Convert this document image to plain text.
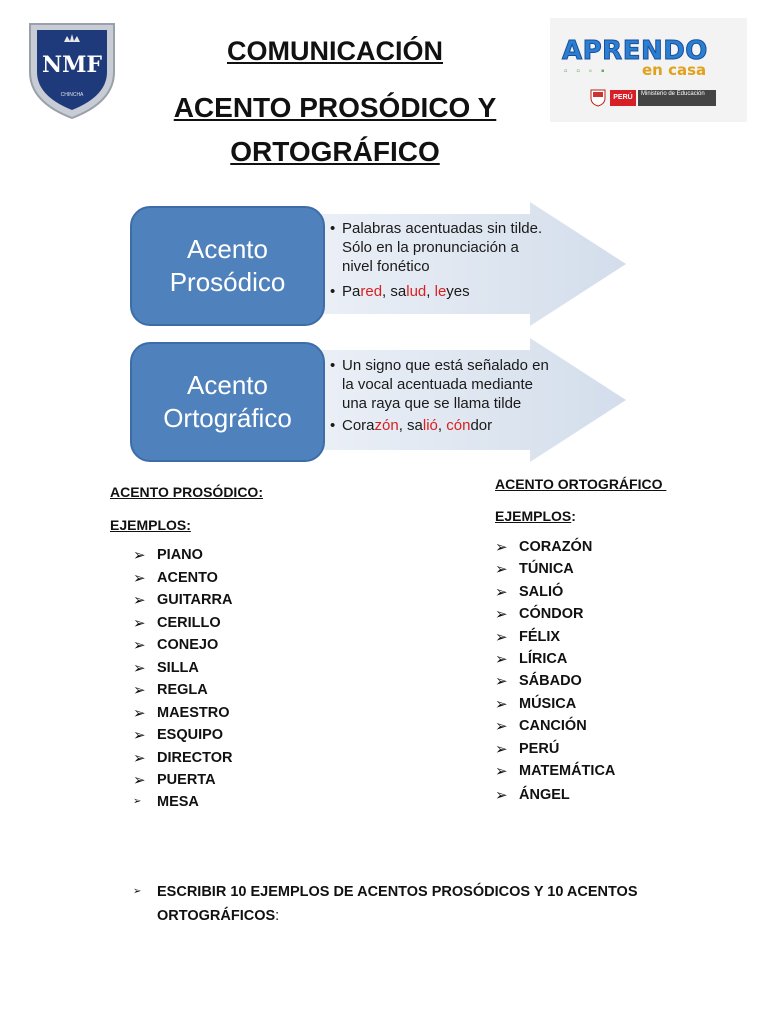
NMF
CHINCHA
APRENDO
▫ ▫ ◦ ▪ en casa
PERÚ	Ministerio de Educación
COMUNICACIÓN
ACENTO PROSÓDICO Y
ORTOGRÁFICO
Acento
Prosódico
Acento
Ortográfico
• Palabras acentuadas sin tilde.
Sólo en la pronunciación a
nivel fonético
• Pared, salud, leyes
• Un signo que está señalado en
la vocal acentuada mediante
una raya que se llama tilde
• Corazón, salió, cóndor
ACENTO PROSÓDICO:
EJEMPLOS:
➢ PIANO
➢ ACENTO
➢ GUITARRA
➢ CERILLO
➢ CONEJO
➢ SILLA
➢ REGLA
➢ MAESTRO
➢ ESQUIPO
➢ DIRECTOR
➢ PUERTA
➢	MESA
ACENTO ORTOGRÁFICO
EJEMPLOS:
➢ CORAZÓN
➢ TÚNICA
➢ SALIÓ
➢ CÓNDOR
➢ FÉLIX
➢ LÍRICA
➢ SÁBADO
➢ MÚSICA
➢ CANCIÓN
➢ PERÚ
➢ MATEMÁTICA
➢ ÁNGEL
➢ ESCRIBIR 10 EJEMPLOS DE ACENTOS PROSÓDICOS Y 10 ACENTOS
ORTOGRÁFICOS:
